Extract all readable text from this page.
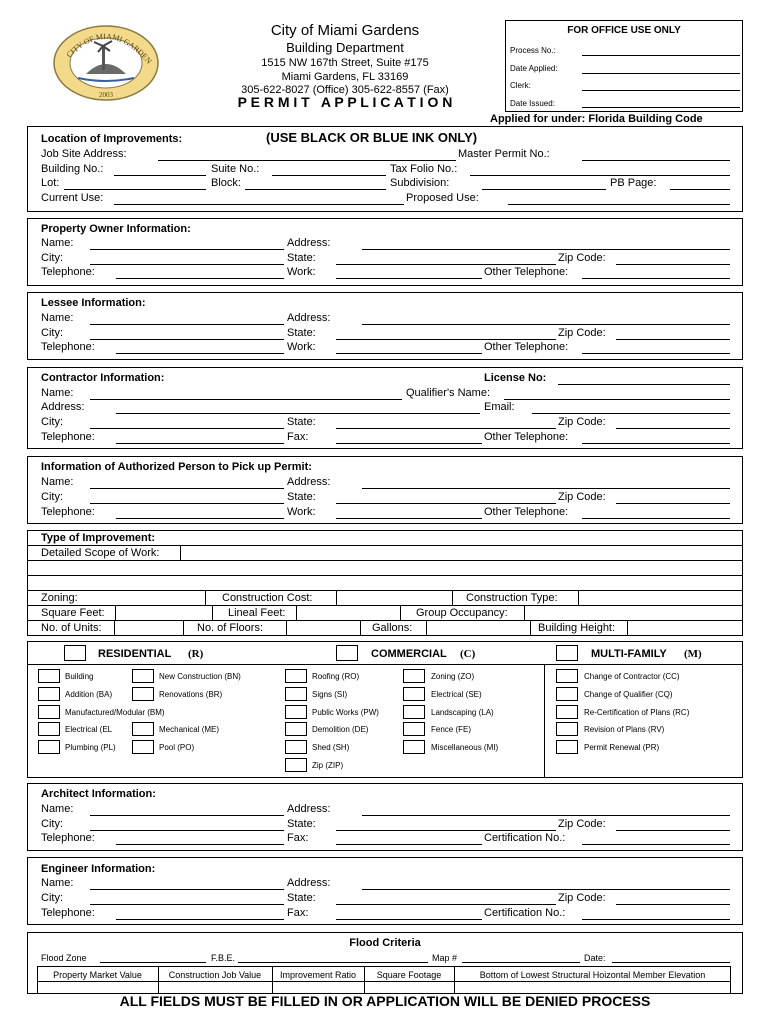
CITY OF MIAMI GARDEN
2003
City of Miami Gardens
Building Department
1515 NW 167th Street, Suite #175
Miami Gardens, FL 33169
305-622-8027 (Office) 305-622-8557 (Fax)
P E R M I T   A P P L I C A T I O N
FOR OFFICE USE ONLY
Process No.:
Date Applied:
Clerk:
Date Issued:
Applied for under: Florida Building Code
Location of Improvements:	(USE BLACK OR BLUE INK ONLY)
Job Site Address:	Master Permit No.:
Building No.:	Suite No.:	Tax Folio No.:
Lot:	Block:	Subdivision:	PB Page:
Current Use:	Proposed Use:
Property Owner Information:
Name:	Address:
City:	State:	Zip Code:
Telephone:	Work:	Other Telephone:
Lessee Information:
Name:	Address:
City:	State:	Zip Code:
Telephone:	Work:	Other Telephone:
Contractor Information:	License No:
Name:	Qualifier's Name:
Address:	Email:
City:	State:	Zip Code:
Telephone:	Fax:	Other Telephone:
Information of Authorized Person to Pick up Permit:
Name:	Address:
City:	State:	Zip Code:
Telephone:	Work:	Other Telephone:
Type of Improvement:
Detailed Scope of Work:
Zoning:	Construction Cost:	Construction Type:
Square Feet:	Lineal Feet:	Group Occupancy:
No. of Units:	No. of Floors:	Gallons:	Building Height:
RESIDENTIAL (R)	COMMERCIAL (C)	MULTI-FAMILY (M)
Building
Addition (BA)
Manufactured/Modular (BM)
Electrical (EL
Plumbing (PL)
New Construction (BN)
Renovations (BR)
Mechanical (ME)
Pool (PO)
Roofing (RO)
Signs (SI)
Public Works (PW)
Demolition (DE)
Shed (SH)
Zip (ZIP)
Zoning (ZO)
Electrical (SE)
Landscaping (LA)
Fence (FE)
Miscellaneous (MI)
Change of Contractor (CC)
Change of Qualifier (CQ)
Re-Certification of Plans (RC)
Revision of Plans (RV)
Permit Renewal (PR)
Architect Information:
Name:	Address:
City:	State:	Zip Code:
Telephone:	Fax:	Certification No.:
Engineer Information:
Name:	Address:
City:	State:	Zip Code:
Telephone:	Fax:	Certification No.:
Flood Criteria
Flood Zone	F.B.E.	Map #	Date:
Property Market Value	Construction Job Value	Improvement Ratio	Square Footage	Bottom of Lowest Structural Hoizontal Member Elevation
ALL FIELDS MUST BE FILLED IN OR APPLICATION WILL BE DENIED PROCESS
